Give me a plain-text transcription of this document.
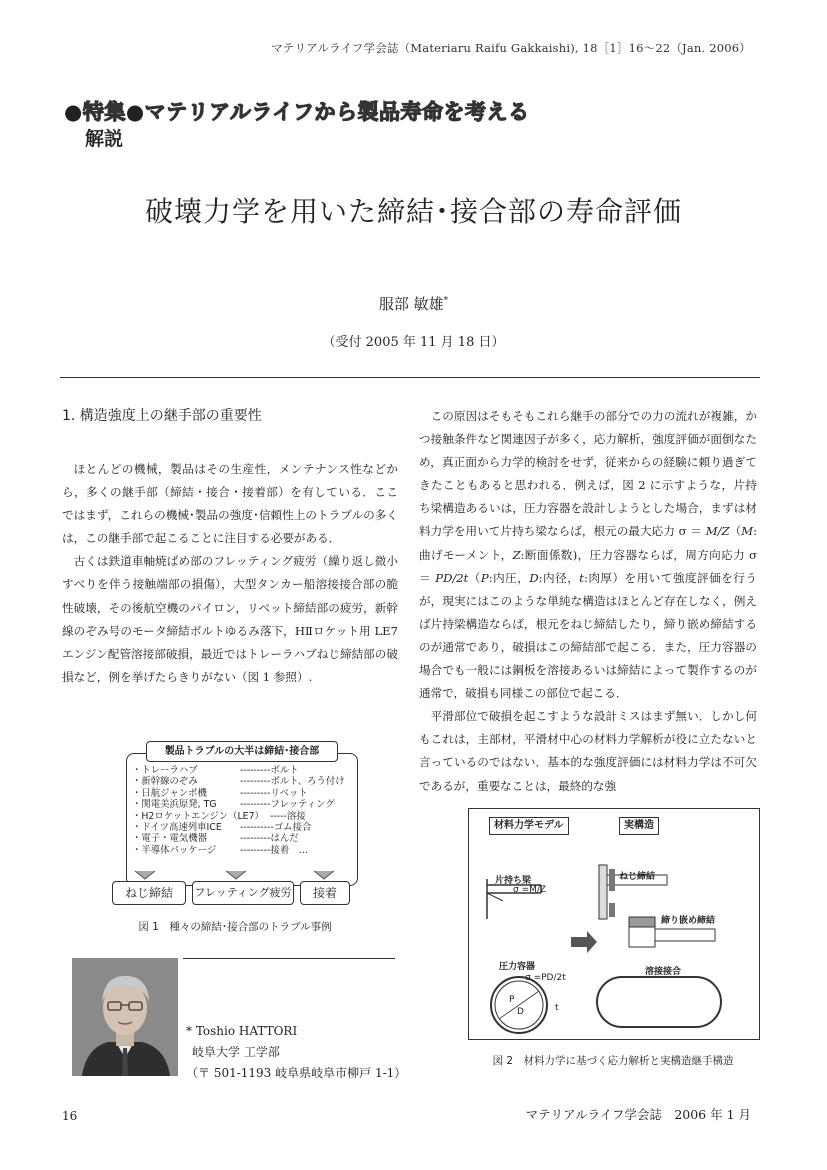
マテリアルライフ学会誌（Materiaru Raifu Gakkaishi), 18［1］16〜22（Jan. 2006）
●特集●マテリアルライフから製品寿命を考える
解説
破壊力学を用いた締結･接合部の寿命評価
服部 敏雄*
（受付 2005 年 11 月 18 日）
1. 構造強度上の継手部の重要性

ほとんどの機械，製品はその生産性，メンテナンス性などから，多くの継手部（締結・接合・接着部）を有している．ここではまず，これらの機械･製品の強度･信頼性上のトラブルの多くは，この継手部で起こることに注目する必要がある．

古くは鉄道車軸焼ばめ部のフレッティング疲労（繰り返し微小すべりを伴う接触端部の損傷），大型タンカー船溶接接合部の脆性破壊，その後航空機のパイロン，リベット締結部の疲労，新幹線のぞみ号のモータ締結ボルトゆるみ落下，HⅡロケット用 LE7 エンジン配管溶接部破損，最近ではトレーラハブねじ締結部の破損など，例を挙げたらきりがない（図 1 参照）.

この原因はそもそもこれら継手の部分での力の流れが複雑，かつ接触条件など関連因子が多く，応力解析，強度評価が面倒なため，真正面から力学的検討をせず，従来からの経験に頼り過ぎてきたこともあると思われる．例えば，図 2 に示すような，片持ち梁構造あるいは，圧力容器を設計しようとした場合，まずは材料力学を用いて片持ち梁ならば，根元の最大応力 σ ＝ M/Z（M:曲げモーメント，Z:断面係数)，圧力容器ならば，周方向応力 σ ＝ PD/2t（P:内圧，D:内径，t:肉厚）を用いて強度評価を行うが，現実にはこのような単純な構造はほとんど存在しなく，例えば片持梁構造ならば，根元をねじ締結したり，締り嵌め締結するのが通常であり，破損はこの締結部で起こる．また，圧力容器の場合でも一般には鋼板を溶接あるいは締結によって製作するのが通常で，破損も同様この部位で起こる．

平滑部位で破損を起こすような設計ミスはまず無い．しかし何もこれは，主部材，平滑材中心の材料力学解析が役に立たないと言っているのではない．基本的な強度評価には材料力学は不可欠であるが，重要なことは，最終的な強

製品トラブルの大半は締結･接合部
・トレーラハブ	---------ボルト
・新幹線のぞみ	---------ボルト、ろう付け
・日航ジャンボ機	---------リベット
・関電美浜原発, TG	---------フレッティング
・H2ロケットエンジン（LE7） -----溶接
・ドイツ高速列車ICE	----------ゴム接合
・電子・電気機器	---------はんだ
・半導体パッケージ	---------接着　…
ねじ締結	フレッティング疲労	接着
図 1　種々の締結･接合部のトラブル事例
* Toshio HATTORI
岐阜大学 工学部
（〒 501-1193 岐阜県岐阜市柳戸 1-1）
材料力学モデル	実構造
片持ち梁
σ =M/Z
圧力容器
σ =PD/2t
P
D	t
ねじ締結
締り嵌め締結
溶接接合
図 2　材料力学に基づく応力解析と実構造継手構造
16	マテリアルライフ学会誌　2006 年 1 月
